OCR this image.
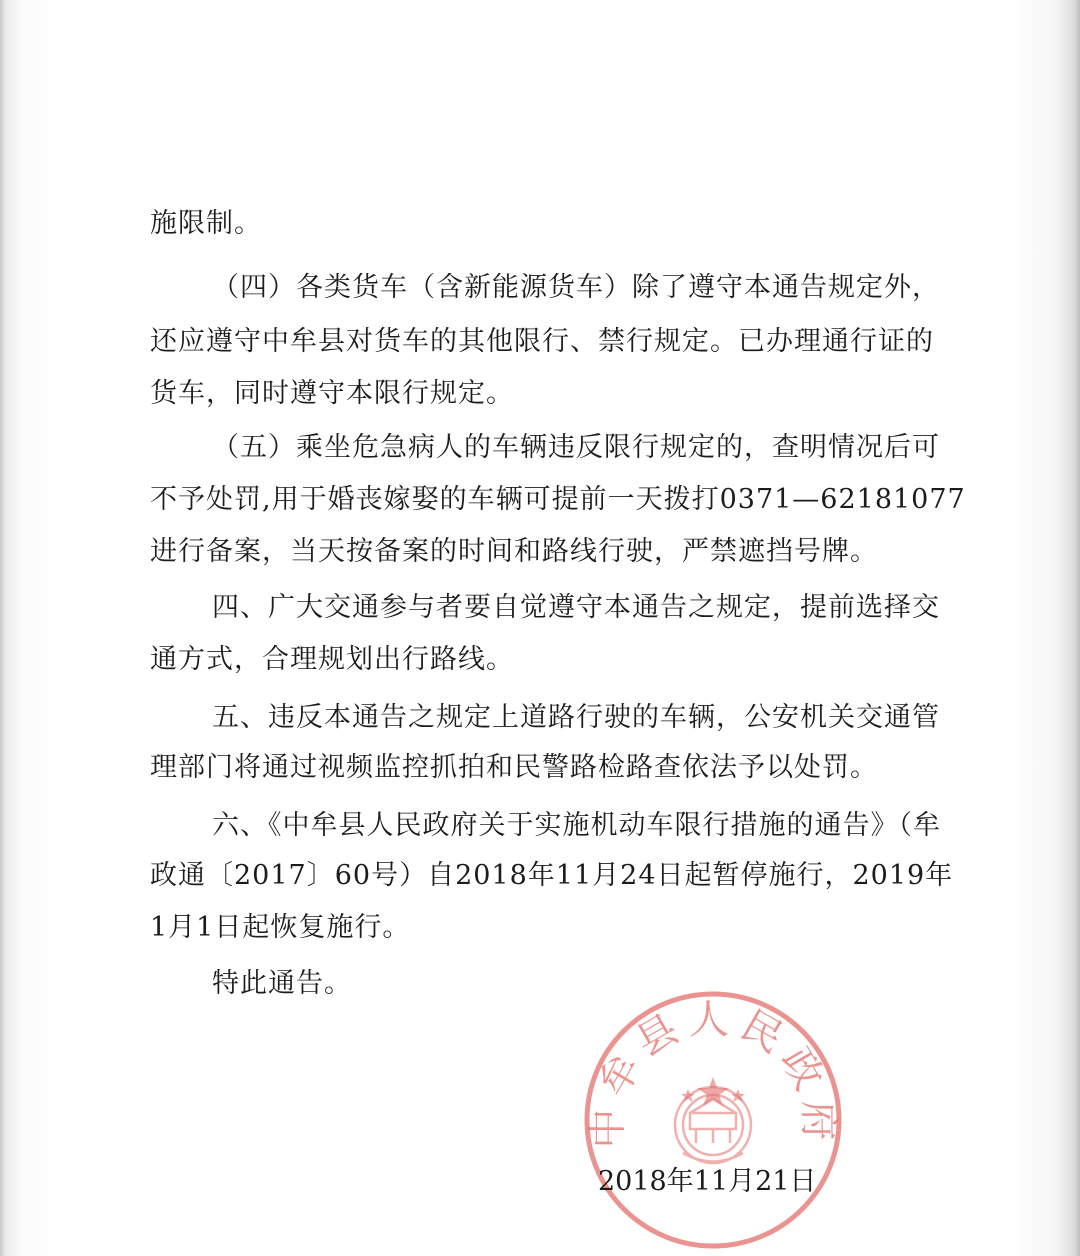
施限制。
（四）各类货车（含新能源货车）除了遵守本通告规定外，
还应遵守中牟县对货车的其他限行、禁行规定。已办理通行证的
货车，同时遵守本限行规定。
（五）乘坐危急病人的车辆违反限行规定的，查明情况后可
不予处罚,用于婚丧嫁娶的车辆可提前一天拨打0371—62181077
进行备案，当天按备案的时间和路线行驶，严禁遮挡号牌。
四、广大交通参与者要自觉遵守本通告之规定，提前选择交
通方式，合理规划出行路线。
五、违反本通告之规定上道路行驶的车辆，公安机关交通管
理部门将通过视频监控抓拍和民警路检路查依法予以处罚。
六、《中牟县人民政府关于实施机动车限行措施的通告》（牟
政通〔2017〕60号）自2018年11月24日起暂停施行，2019年
1月1日起恢复施行。
特此通告。
中牟县人民政府
2018年11月21日
